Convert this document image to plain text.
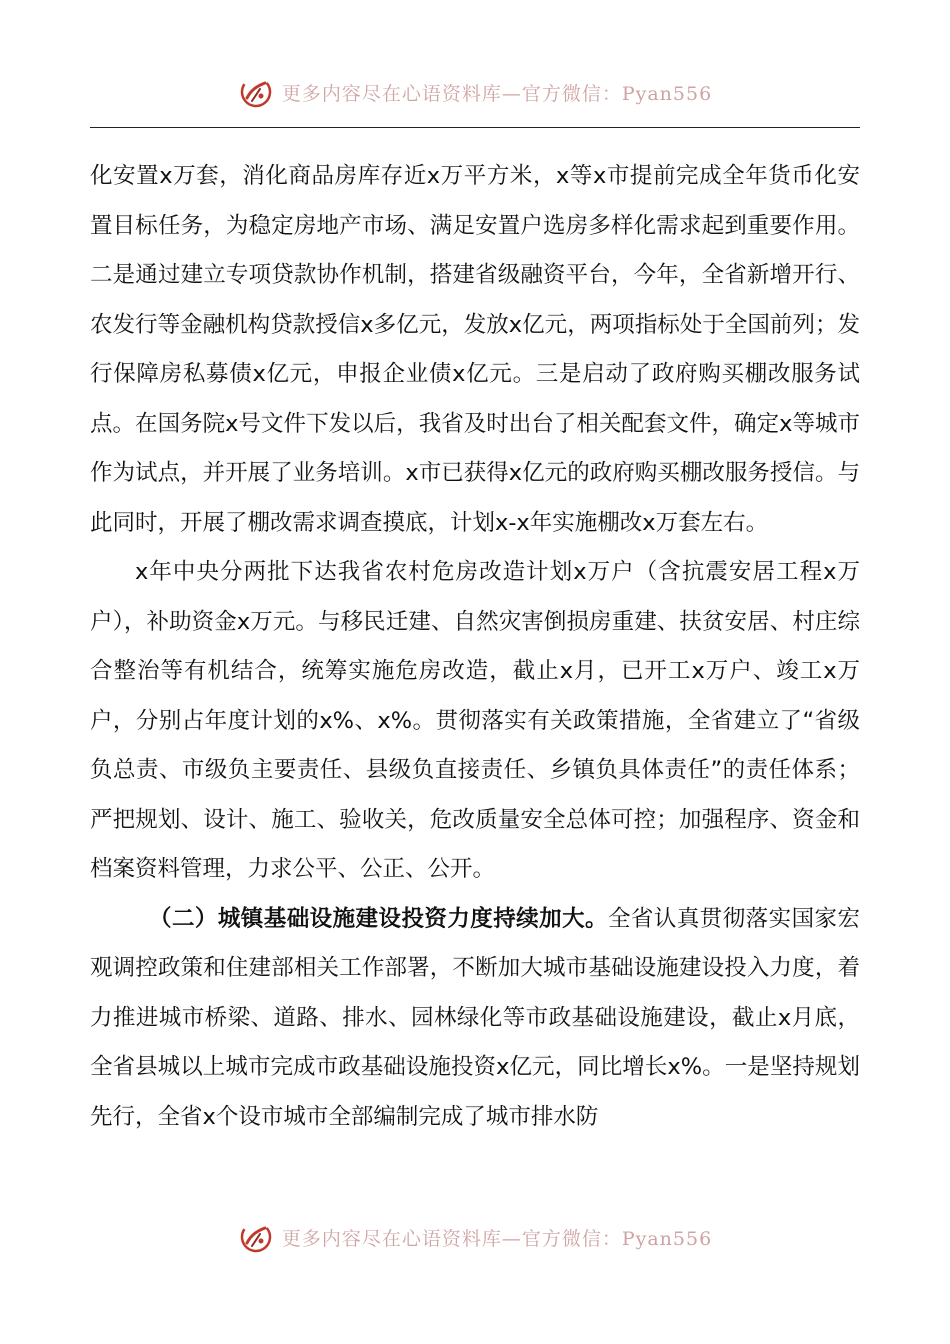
更多内容尽在心语资料库—官方微信：Pyan556

化安置x万套，消化商品房库存近x万平方米，x等x市提前完成全年货币化安置目标任务，为稳定房地产市场、满足安置户选房多样化需求起到重要作用。二是通过建立专项贷款协作机制，搭建省级融资平台，今年，全省新增开行、农发行等金融机构贷款授信x多亿元，发放x亿元，两项指标处于全国前列；发行保障房私募债x亿元，申报企业债x亿元。三是启动了政府购买棚改服务试点。在国务院x号文件下发以后，我省及时出台了相关配套文件，确定x等城市作为试点，并开展了业务培训。x市已获得x亿元的政府购买棚改服务授信。与此同时，开展了棚改需求调查摸底，计划x-x年实施棚改x万套左右。

x年中央分两批下达我省农村危房改造计划x万户（含抗震安居工程x万户），补助资金x万元。与移民迁建、自然灾害倒损房重建、扶贫安居、村庄综合整治等有机结合，统筹实施危房改造，截止x月，已开工x万户、竣工x万户，分别占年度计划的x%、x%。贯彻落实有关政策措施，全省建立了“省级负总责、市级负主要责任、县级负直接责任、乡镇负具体责任”的责任体系；严把规划、设计、施工、验收关，危改质量安全总体可控；加强程序、资金和档案资料管理，力求公平、公正、公开。

（二）城镇基础设施建设投资力度持续加大。全省认真贯彻落实国家宏观调控政策和住建部相关工作部署，不断加大城市基础设施建设投入力度，着力推进城市桥梁、道路、排水、园林绿化等市政基础设施建设，截止x月底，全省县城以上城市完成市政基础设施投资x亿元，同比增长x%。一是坚持规划先行，全省x个设市城市全部编制完成了城市排水防

更多内容尽在心语资料库—官方微信：Pyan556
